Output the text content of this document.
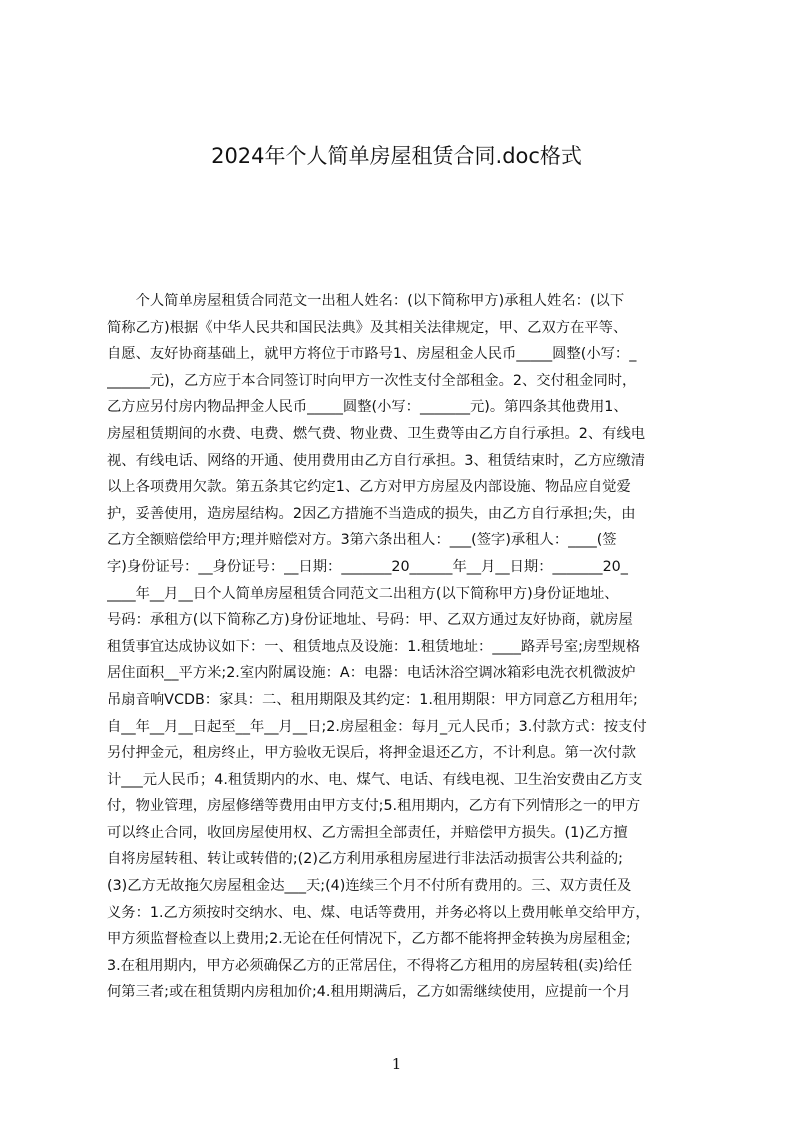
2024年个人简单房屋租赁合同.doc格式
　　个人简单房屋租赁合同范文一出租人姓名：(以下简称甲方)承租人姓名：(以下
简称乙方)根据《中华人民共和国民法典》及其相关法律规定，甲、乙双方在平等、
自愿、友好协商基础上，就甲方将位于市路号1、房屋租金人民币_____圆整(小写：_
______元)，乙方应于本合同签订时向甲方一次性支付全部租金。2、交付租金同时，
乙方应另付房内物品押金人民币_____圆整(小写：_______元)。第四条其他费用1、
房屋租赁期间的水费、电费、燃气费、物业费、卫生费等由乙方自行承担。2、有线电
视、有线电话、网络的开通、使用费用由乙方自行承担。3、租赁结束时，乙方应缴清
以上各项费用欠款。第五条其它约定1、乙方对甲方房屋及内部设施、物品应自觉爱
护，妥善使用，造房屋结构。2因乙方措施不当造成的损失，由乙方自行承担;失，由
乙方全额赔偿给甲方;理并赔偿对方。3第六条出租人：___(签字)承租人：____(签
字)身份证号：__身份证号：__日期：_______20______年__月__日期：_______20_
____年__月__日个人简单房屋租赁合同范文二出租方(以下简称甲方)身份证地址、
号码：承租方(以下简称乙方)身份证地址、号码：甲、乙双方通过友好协商，就房屋
租赁事宜达成协议如下：一、租赁地点及设施：1.租赁地址：____路弄号室;房型规格
居住面积__平方米;2.室内附属设施：A：电器：电话沐浴空调冰箱彩电洗衣机微波炉
吊扇音响VCDB：家具：二、租用期限及其约定：1.租用期限：甲方同意乙方租用年;
自__年__月__日起至__年__月__日;2.房屋租金：每月_元人民币；3.付款方式：按支付
另付押金元，租房终止，甲方验收无误后，将押金退还乙方，不计利息。第一次付款
计___元人民币；4.租赁期内的水、电、煤气、电话、有线电视、卫生治安费由乙方支
付，物业管理，房屋修缮等费用由甲方支付;5.租用期内，乙方有下列情形之一的甲方
可以终止合同，收回房屋使用权、乙方需担全部责任，并赔偿甲方损失。(1)乙方擅
自将房屋转租、转让或转借的;(2)乙方利用承租房屋进行非法活动损害公共利益的;
(3)乙方无故拖欠房屋租金达___天;(4)连续三个月不付所有费用的。三、双方责任及
义务：1.乙方须按时交纳水、电、煤、电话等费用，并务必将以上费用帐单交给甲方，
甲方须监督检查以上费用;2.无论在任何情况下，乙方都不能将押金转换为房屋租金;
3.在租用期内，甲方必须确保乙方的正常居住，不得将乙方租用的房屋转租(卖)给任
何第三者;或在租赁期内房租加价;4.租用期满后，乙方如需继续使用，应提前一个月
1
